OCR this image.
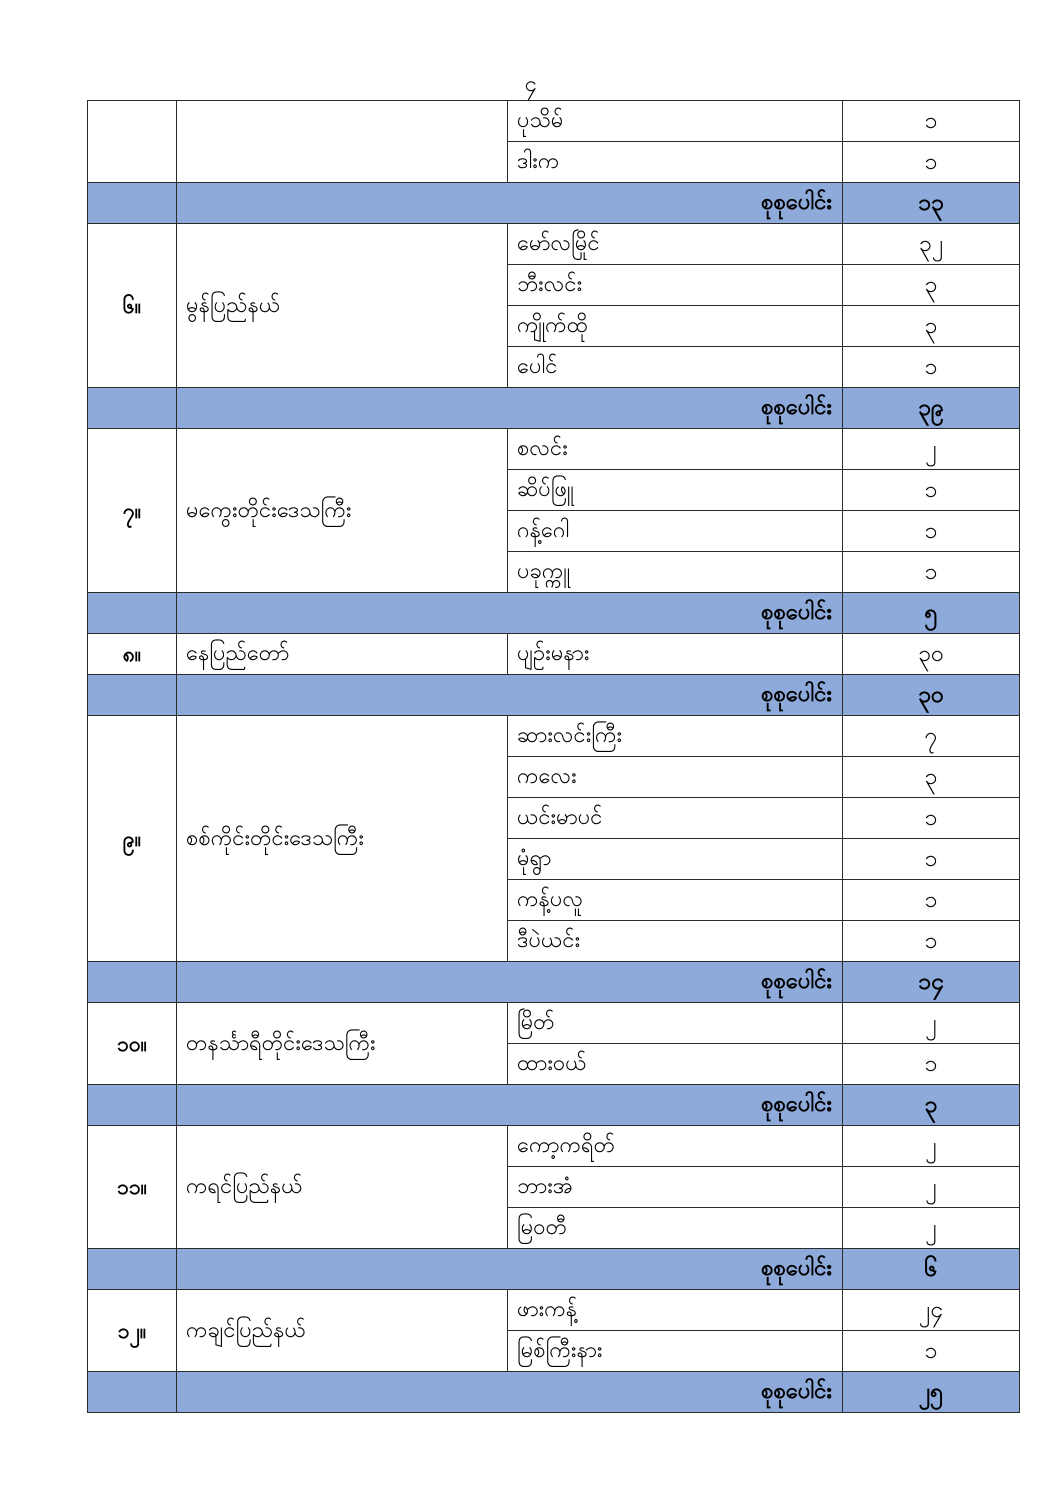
၄
		ပုသိမ်	၁
		ဒါးက	၁
	စုစုပေါင်း		၁၃
၆။	မွန်ပြည်နယ်	မော်လမြိုင်	၃၂
		ဘီးလင်း	၃
		ကျိုက်ထို	၃
		ပေါင်	၁
	စုစုပေါင်း		၃၉
၇။	မကွေးတိုင်းဒေသကြီး	စလင်း	၂
		ဆိပ်ဖြူ	၁
		ဂန့်ဂေါ	၁
		ပခုက္ကူ	၁
	စုစုပေါင်း		၅
၈။	နေပြည်တော်	ပျဉ်းမနား	၃၀
	စုစုပေါင်း		၃၀
၉။	စစ်ကိုင်းတိုင်းဒေသကြီး	ဆားလင်းကြီး	၇
		ကလေး	၃
		ယင်းမာပင်	၁
		မုံရွာ	၁
		ကန့်ပလူ	၁
		ဒီပဲယင်း	၁
	စုစုပေါင်း		၁၄
၁၀။	တနင်္သာရီတိုင်းဒေသကြီး	မြိတ်	၂
		ထားဝယ်	၁
	စုစုပေါင်း		၃
၁၁။	ကရင်ပြည်နယ်	ကော့ကရိတ်	၂
		ဘားအံ	၂
		မြဝတီ	၂
	စုစုပေါင်း		၆
၁၂။	ကချင်ပြည်နယ်	ဖားကန့်	၂၄
		မြစ်ကြီးနား	၁
	စုစုပေါင်း		၂၅
